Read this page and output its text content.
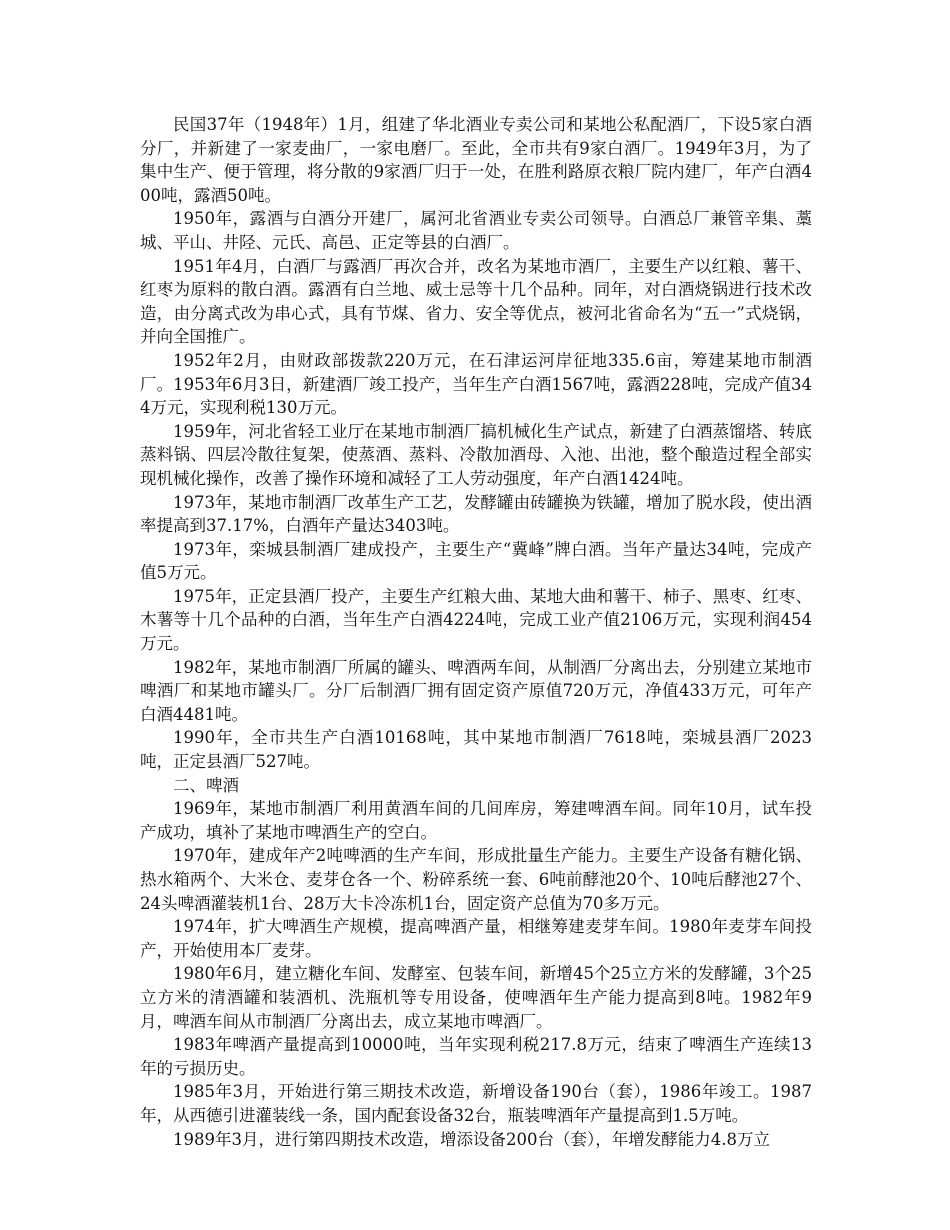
民国37年（1948年）1月，组建了华北酒业专卖公司和某地公私配酒厂，下设5家白酒分厂，并新建了一家麦曲厂，一家电磨厂。至此，全市共有9家白酒厂。1949年3月，为了集中生产、便于管理，将分散的9家酒厂归于一处，在胜利路原衣粮厂院内建厂，年产白酒400吨，露酒50吨。

1950年，露酒与白酒分开建厂，属河北省酒业专卖公司领导。白酒总厂兼管辛集、藁城、平山、井陉、元氏、高邑、正定等县的白酒厂。

1951年4月，白酒厂与露酒厂再次合并，改名为某地市酒厂，主要生产以红粮、薯干、红枣为原料的散白酒。露酒有白兰地、威士忌等十几个品种。同年，对白酒烧锅进行技术改造，由分离式改为串心式，具有节煤、省力、安全等优点，被河北省命名为“五一”式烧锅，并向全国推广。

1952年2月，由财政部拨款220万元，在石津运河岸征地335.6亩，筹建某地市制酒厂。1953年6月3日，新建酒厂竣工投产，当年生产白酒1567吨，露酒228吨，完成产值344万元，实现利税130万元。

1959年，河北省轻工业厅在某地市制酒厂搞机械化生产试点，新建了白酒蒸馏塔、转底蒸料锅、四层冷散往复架，使蒸酒、蒸料、冷散加酒母、入池、出池，整个酿造过程全部实现机械化操作，改善了操作环境和减轻了工人劳动强度，年产白酒1424吨。

1973年，某地市制酒厂改革生产工艺，发酵罐由砖罐换为铁罐，增加了脱水段，使出酒率提高到37.17%，白酒年产量达3403吨。

1973年，栾城县制酒厂建成投产，主要生产“冀峰”牌白酒。当年产量达34吨，完成产值5万元。

1975年，正定县酒厂投产，主要生产红粮大曲、某地大曲和薯干、柿子、黑枣、红枣、木薯等十几个品种的白酒，当年生产白酒4224吨，完成工业产值2106万元，实现利润454万元。

1982年，某地市制酒厂所属的罐头、啤酒两车间，从制酒厂分离出去，分别建立某地市啤酒厂和某地市罐头厂。分厂后制酒厂拥有固定资产原值720万元，净值433万元，可年产白酒4481吨。

1990年，全市共生产白酒10168吨，其中某地市制酒厂7618吨，栾城县酒厂2023吨，正定县酒厂527吨。

二、啤酒

1969年，某地市制酒厂利用黄酒车间的几间库房，筹建啤酒车间。同年10月，试车投产成功，填补了某地市啤酒生产的空白。

1970年，建成年产2吨啤酒的生产车间，形成批量生产能力。主要生产设备有糖化锅、热水箱两个、大米仓、麦芽仓各一个、粉碎系统一套、6吨前酵池20个、10吨后酵池27个、24头啤酒灌装机1台、28万大卡冷冻机1台，固定资产总值为70多万元。

1974年，扩大啤酒生产规模，提高啤酒产量，相继筹建麦芽车间。1980年麦芽车间投产，开始使用本厂麦芽。

1980年6月，建立糖化车间、发酵室、包装车间，新增45个25立方米的发酵罐，3个25立方米的清酒罐和装酒机、洗瓶机等专用设备，使啤酒年生产能力提高到8吨。1982年9月，啤酒车间从市制酒厂分离出去，成立某地市啤酒厂。

1983年啤酒产量提高到10000吨，当年实现利税217.8万元，结束了啤酒生产连续13年的亏损历史。

1985年3月，开始进行第三期技术改造，新增设备190台（套），1986年竣工。1987年，从西德引进灌装线一条，国内配套设备32台，瓶装啤酒年产量提高到1.5万吨。

1989年3月，进行第四期技术改造，增添设备200台（套），年增发酵能力4.8万立
